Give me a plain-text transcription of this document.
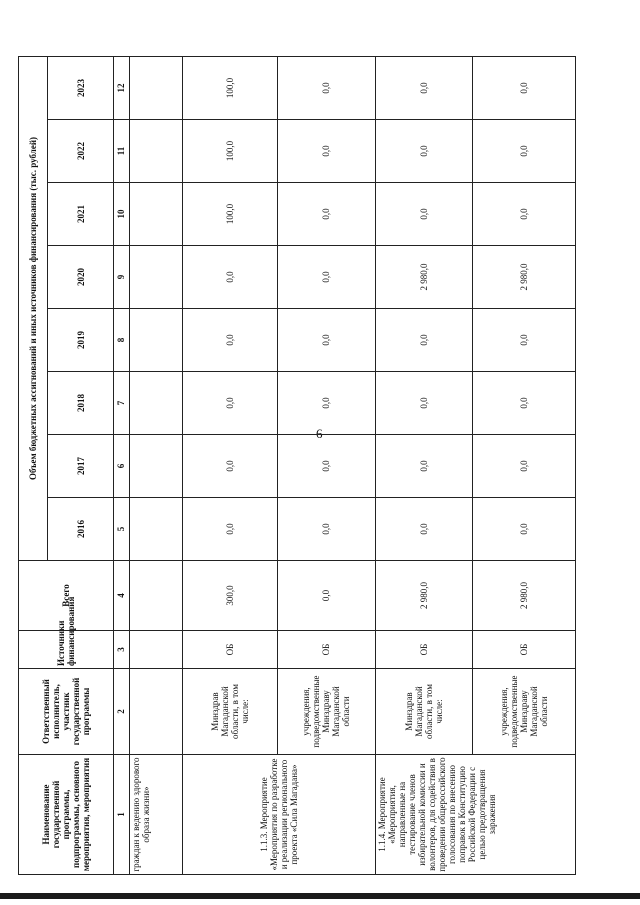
6
Наименование государственной программы, подпрограммы, основного мероприятия, мероприятия	Ответственный исполнитель, участник государственной программы	Источники финансирования	Всего	Объем бюджетных ассигнований и иных источников финансирования (тыс. рублей)							
				2016	2017	2018	2019	2020	2021	2022	2023
1	2	3	4	5	6	7	8	9	10	11	12
граждан к ведению здорового образа жизни»											
1.1.3. Мероприятие «Мероприятия по разработке и реализации регионального проекта «Сила Магадана»	Минздрав Магаданской области, в том числе:	ОБ	300,0	0,0	0,0	0,0	0,0	0,0	100,0	100,0	100,0
	учреждения, подведомственные Минздраву Магаданской области	ОБ	0,0	0,0	0,0	0,0	0,0	0,0	0,0	0,0	0,0
1.1.4. Мероприятие «Мероприятия, направленные на тестирование членов избирательной комиссии и волонтеров, для содействия в проведении общероссийского голосования по внесению поправок в Конституцию Российской Федерации с целью предотвращения заражения	Минздрав Магаданской области, в том числе:	ОБ	2 980,0	0,0	0,0	0,0	0,0	2 980,0	0,0	0,0	0,0
	учреждения, подведомственные Минздраву Магаданской области	ОБ	2 980,0	0,0	0,0	0,0	0,0	2 980,0	0,0	0,0	0,0
